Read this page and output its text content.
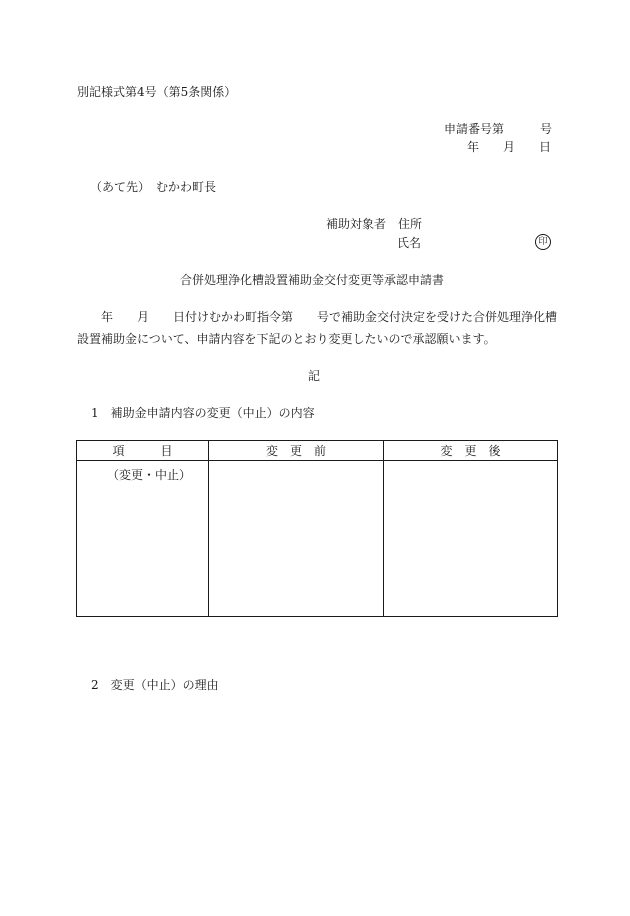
別記様式第4号（第5条関係）
申請番号第　　　号
年　　月　　日
（あて先）　むかわ町長
補助対象者　住所
氏名	印
合併処理浄化槽設置補助金交付変更等承認申請書
　　年　　月　　日付けむかわ町指令第　　号で補助金交付決定を受けた合併処理浄化槽設置補助金について、申請内容を下記のとおり変更したいので承認願います。
記
1　補助金申請内容の変更（中止）の内容
項　　　目	変　更　前	変　更　後

（変更・中止）		

2　変更（中止）の理由
